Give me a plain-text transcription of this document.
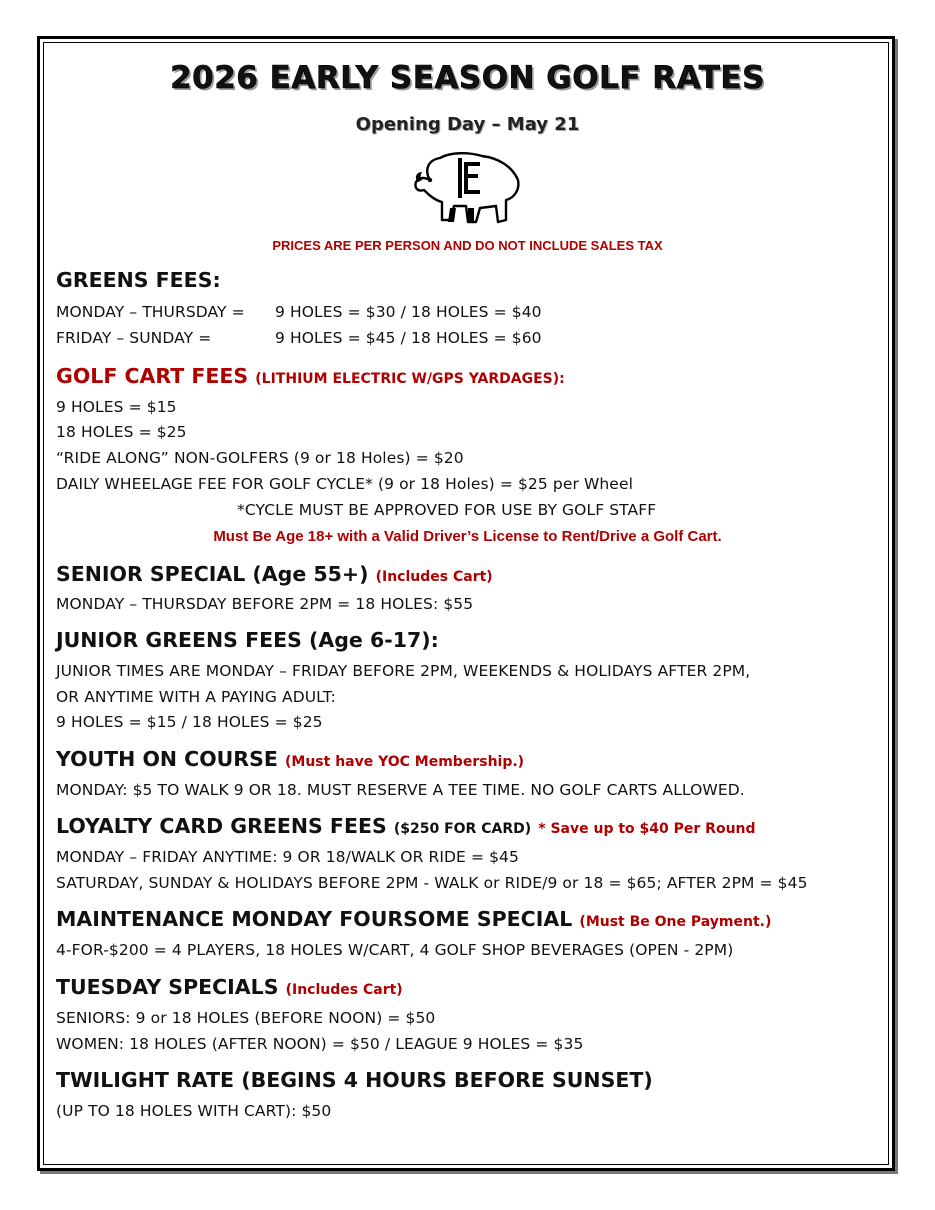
2026 EARLY SEASON GOLF RATES
Opening Day – May 21
PRICES ARE PER PERSON AND DO NOT INCLUDE SALES TAX
GREENS FEES:
MONDAY – THURSDAY = 9 HOLES = $30 / 18 HOLES = $40
FRIDAY – SUNDAY =	9 HOLES = $45 / 18 HOLES = $60
GOLF CART FEES (LITHIUM ELECTRIC W/GPS YARDAGES):
9 HOLES = $15
18 HOLES = $25
“RIDE ALONG” NON-GOLFERS (9 or 18 Holes) = $20
DAILY WHEELAGE FEE FOR GOLF CYCLE* (9 or 18 Holes) = $25 per Wheel
*CYCLE MUST BE APPROVED FOR USE BY GOLF STAFF
Must Be Age 18+ with a Valid Driver’s License to Rent/Drive a Golf Cart.
SENIOR SPECIAL (Age 55+) (Includes Cart)
MONDAY – THURSDAY BEFORE 2PM = 18 HOLES: $55
JUNIOR GREENS FEES (Age 6-17):
JUNIOR TIMES ARE MONDAY – FRIDAY BEFORE 2PM, WEEKENDS & HOLIDAYS AFTER 2PM,
OR ANYTIME WITH A PAYING ADULT:
9 HOLES = $15 / 18 HOLES = $25
YOUTH ON COURSE (Must have YOC Membership.)
MONDAY: $5 TO WALK 9 OR 18. MUST RESERVE A TEE TIME. NO GOLF CARTS ALLOWED.
LOYALTY CARD GREENS FEES ($250 FOR CARD) * Save up to $40 Per Round
MONDAY – FRIDAY ANYTIME: 9 OR 18/WALK OR RIDE = $45
SATURDAY, SUNDAY & HOLIDAYS BEFORE 2PM - WALK or RIDE/9 or 18 = $65; AFTER 2PM = $45
MAINTENANCE MONDAY FOURSOME SPECIAL (Must Be One Payment.)
4-FOR-$200 = 4 PLAYERS, 18 HOLES W/CART, 4 GOLF SHOP BEVERAGES (OPEN - 2PM)
TUESDAY SPECIALS (Includes Cart)
SENIORS: 9 or 18 HOLES (BEFORE NOON) = $50
WOMEN: 18 HOLES (AFTER NOON) = $50 / LEAGUE 9 HOLES = $35
TWILIGHT RATE (BEGINS 4 HOURS BEFORE SUNSET)
(UP TO 18 HOLES WITH CART): $50
